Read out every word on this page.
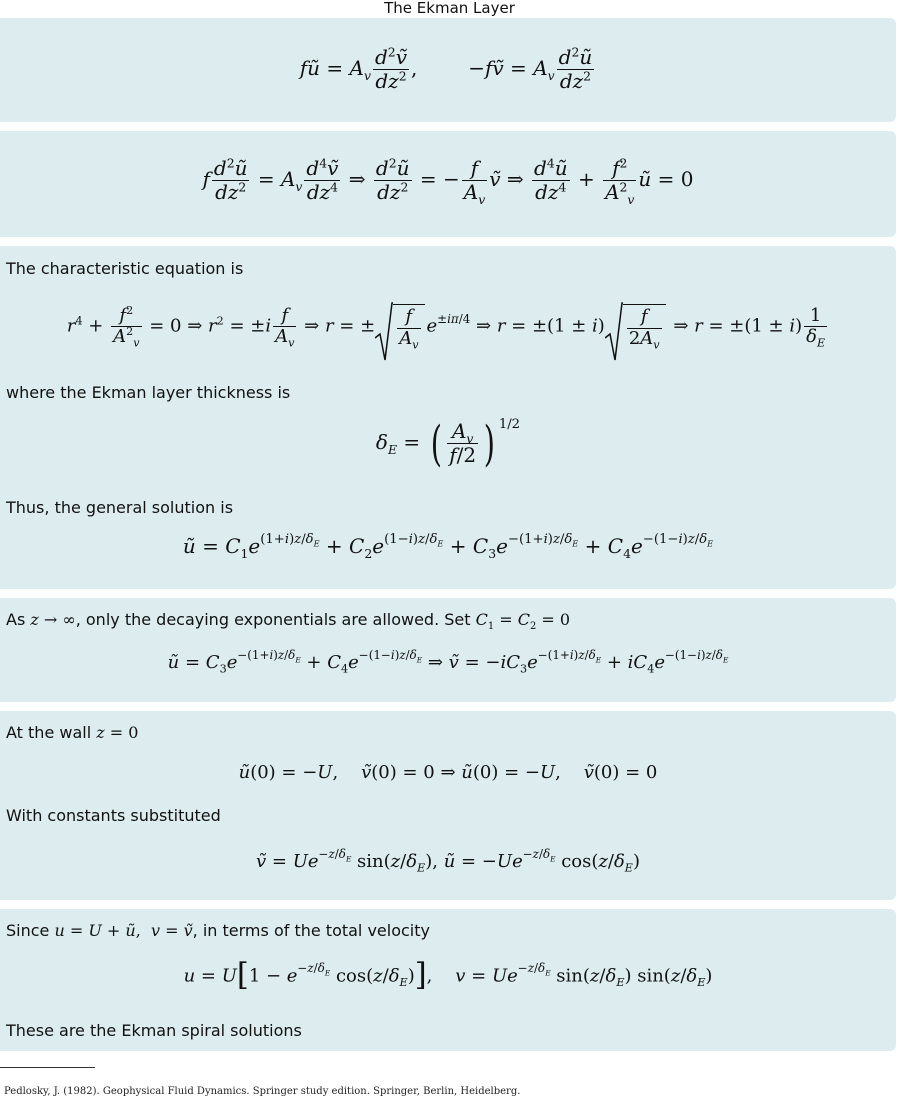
The Ekman Layer
fũ = $A_v \frac{d^2ṽ}{dz^2}$ ,        −fṽ = $A_v \frac{d^2ũ}{dz^2}$
f $\frac{d^2ũ}{dz^2} = A_v \frac{d^4ṽ}{dz^4}$ ⇒ $\frac{d^2ũ}{dz^2}$ = − $\frac{f}{A_v}$ ṽ ⇒ $\frac{d^4ũ}{dz^4} + \frac{f^2}{A^2_v}$ ũ = 0
The characteristic equation is
$r^4 + \frac{f^2}{A^2_v} = 0$ ⇒ $r^2 = \pm i \frac{f}{A_v}$ ⇒ r = ± $\frac{f}{A_v} e^{\pm i\pi/4}$ ⇒ $r = \pm(1 \pm i) \frac{f}{2A_v}$ ⇒ $r = \pm(1 \pm i) \frac{1}{\delta_E}$
where the Ekman layer thickness is
$\delta_E$ = ( $\frac{A_v}{f/2}$ ) $^{1/2}$
Thus, the general solution is
ũ = $C_1e^{(1+i)z/\delta_E} + C_2e^{(1-i)z/\delta_E} + C_3e^{-(1+i)z/\delta_E} + C_4e^{-(1-i)z/\delta_E}$
As z → ∞, only the decaying exponentials are allowed. Set $C_1 = C_2 = 0$
ũ = $C_3e^{-(1+i)z/\delta_E} + C_4e^{-(1-i)z/\delta_E}$ ⇒ ṽ = $-iC_3e^{-(1+i)z/\delta_E} + iC_4e^{-(1-i)z/\delta_E}$
At the wall z = 0
ũ(0) = −U,    ṽ(0) = 0 ⇒ ũ(0) = −U,    ṽ(0) = 0
With constants substituted
ṽ = $Ue^{-z/\delta_E}$ $\sin(z/\delta_E)$, ũ = $-Ue^{-z/\delta_E}$ $\cos(z/\delta_E)$
Since u = U + ũ,  v = ṽ, in terms of the total velocity
$u = U[1 - e^{-z/\delta_E}$ $\cos(z/\delta_E)$],    $v = Ue^{-z/\delta_E}$ $\sin(z/\delta_E)$ $\sin(z/\delta_E)$
These are the Ekman spiral solutions
Pedlosky, J. (1982). Geophysical Fluid Dynamics. Springer study edition. Springer, Berlin, Heidelberg.
